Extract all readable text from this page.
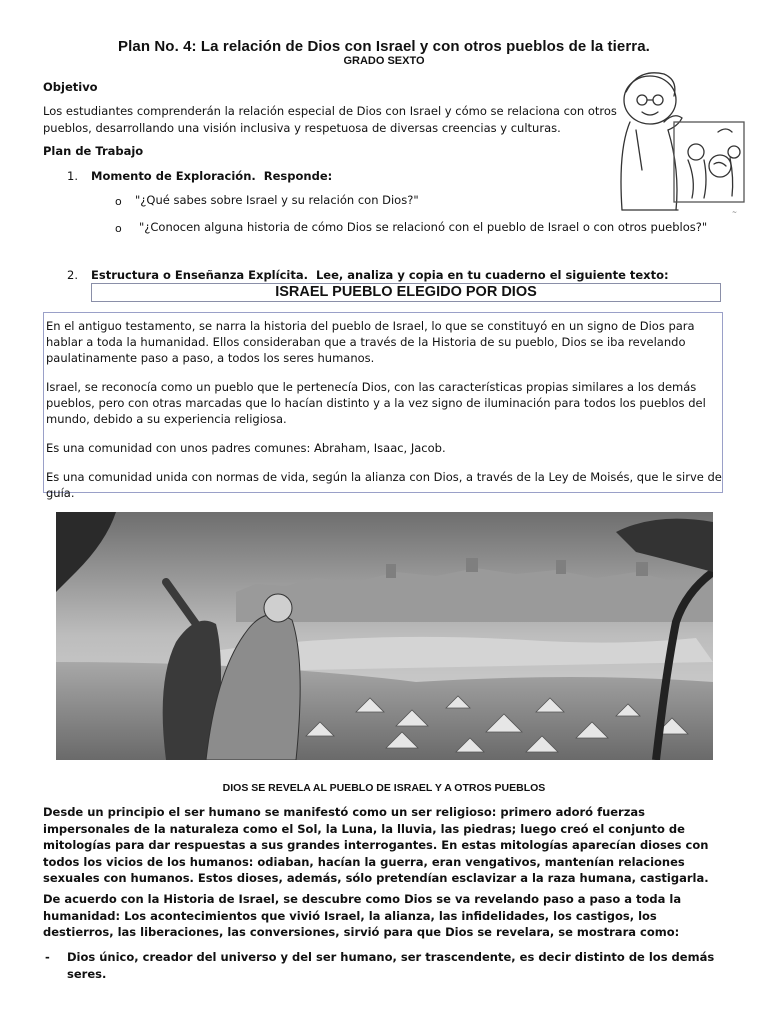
Plan No. 4: La relación de Dios con Israel y con otros pueblos de la tierra.
GRADO SEXTO
Objetivo
Los estudiantes comprenderán la relación especial de Dios con Israel y cómo se relaciona con otros pueblos, desarrollando una visión inclusiva y respetuosa de diversas creencias y culturas.
~
Plan de Trabajo
1. Momento de Exploración. Responde:
o "¿Qué sabes sobre Israel y su relación con Dios?"
o "¿Conocen alguna historia de cómo Dios se relacionó con el pueblo de Israel o con otros pueblos?"
2. Estructura o Enseñanza Explícita. Lee, analiza y copia en tu cuaderno el siguiente texto:
ISRAEL PUEBLO ELEGIDO POR DIOS

En el antiguo testamento, se narra la historia del pueblo de Israel, lo que se constituyó en un signo de Dios para hablar a toda la humanidad. Ellos consideraban que a través de la Historia de su pueblo, Dios se iba revelando paulatinamente paso a paso, a todos los seres humanos.

Israel, se reconocía como un pueblo que le pertenecía Dios, con las características propias similares a los demás pueblos, pero con otras marcadas que lo hacían distinto y a la vez signo de iluminación para todos los pueblos del mundo, debido a su experiencia religiosa.

Es una comunidad con unos padres comunes: Abraham, Isaac, Jacob.

Es una comunidad unida con normas de vida, según la alianza con Dios, a través de la Ley de Moisés, que le sirve de guía.

DIOS SE REVELA AL PUEBLO DE ISRAEL Y A OTROS PUEBLOS
Desde un principio el ser humano se manifestó como un ser religioso: primero adoró fuerzas impersonales de la naturaleza como el Sol, la Luna, la lluvia, las piedras; luego creó el conjunto de mitologías para dar respuestas a sus grandes interrogantes. En estas mitologías aparecían dioses con todos los vicios de los humanos: odiaban, hacían la guerra, eran vengativos, mantenían relaciones sexuales con humanos. Estos dioses, además, sólo pretendían esclavizar a la raza humana, castigarla.
De acuerdo con la Historia de Israel, se descubre como Dios se va revelando paso a paso a toda la humanidad: Los acontecimientos que vivió Israel, la alianza, las infidelidades, los castigos, los destierros, las liberaciones, las conversiones, sirvió para que Dios se revelara, se mostrara como:
- Dios único, creador del universo y del ser humano, ser trascendente, es decir distinto de los demás seres.
